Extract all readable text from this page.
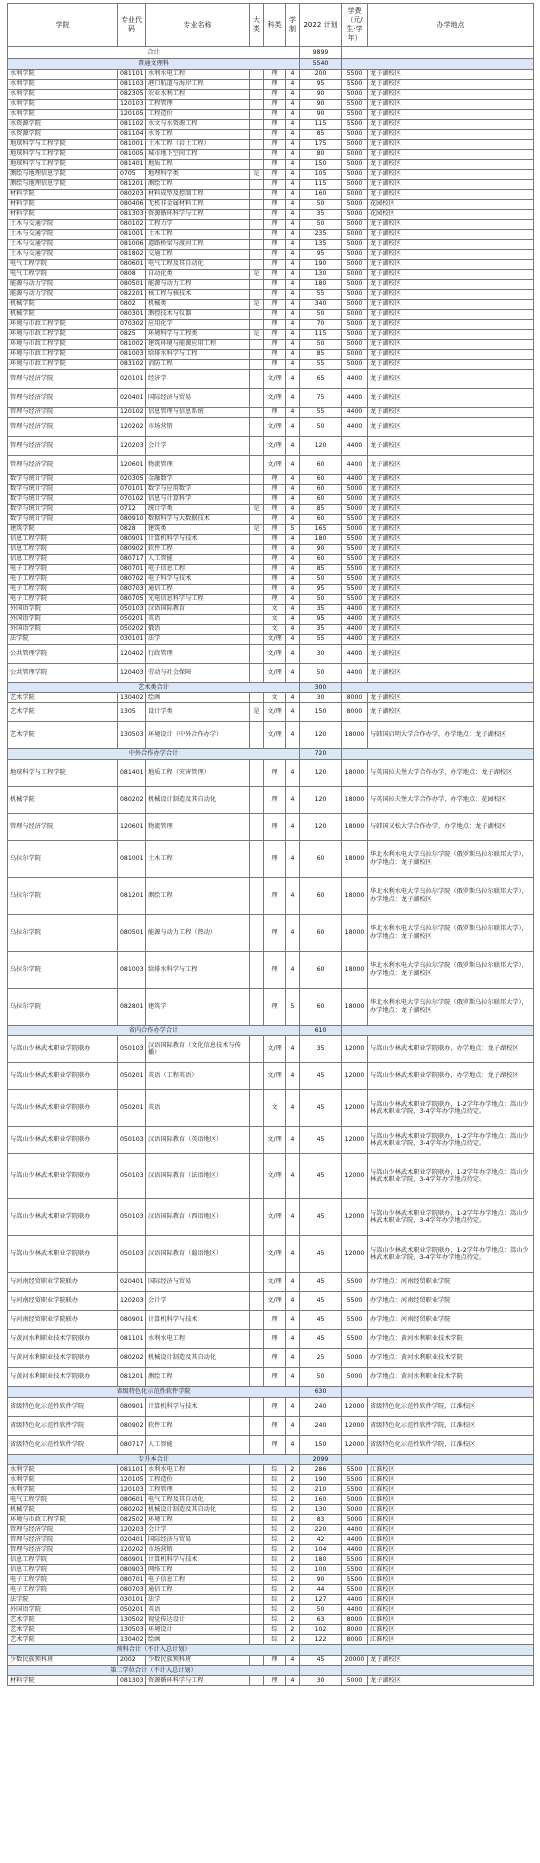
学院	专业代码	专业名称	大类	科类	学制	2022 计划	学费（元/生·学年）	办学地点
合计						9899		
普通文理科						5540		
水利学院	081101	水利水电工程		理	4	200	5500	龙子湖校区
水利学院	081103	港口航道与海岸工程		理	4	95	5500	龙子湖校区
水利学院	082305	农业水利工程		理	4	90	5000	龙子湖校区
水利学院	120103	工程管理		理	4	90	5500	龙子湖校区
水利学院	120105	工程造价		理	4	90	5500	龙子湖校区
水资源学院	081102	水文与水资源工程		理	4	115	5500	龙子湖校区
水资源学院	081104	水务工程		理	4	85	5000	龙子湖校区
地球科学与工程学院	081001	土木工程（岩土工程）		理	4	175	5000	龙子湖校区
地球科学与工程学院	081005	城市地下空间工程		理	4	80	5000	龙子湖校区
地球科学与工程学院	081401	地质工程		理	4	150	5000	龙子湖校区
测绘与地理信息学院	0705	地理科学类	是	理	4	105	5000	龙子湖校区
测绘与地理信息学院	081201	测绘工程		理	4	115	5000	龙子湖校区
材料学院	080203	材料成型及控制工程		理	4	160	5000	龙子湖校区
材料学院	080406	无机非金属材料工程		理	4	50	5000	花园校区
材料学院	081303	资源循环科学与工程		理	4	35	5000	花园校区
土木与交通学院	080102	工程力学		理	4	50	5000	龙子湖校区
土木与交通学院	081001	土木工程		理	4	235	5000	龙子湖校区
土木与交通学院	081006	道路桥梁与渡河工程		理	4	135	5000	龙子湖校区
土木与交通学院	081802	交通工程		理	4	95	5000	龙子湖校区
电气工程学院	080601	电气工程及其自动化		理	4	190	5000	龙子湖校区
电气工程学院	0808	自动化类	是	理	4	130	5000	龙子湖校区
能源与动力学院	080501	能源与动力工程		理	4	180	5000	龙子湖校区
能源与动力学院	082201	核工程与核技术		理	4	55	5000	龙子湖校区
机械学院	0802	机械类	是	理	4	340	5000	龙子湖校区
机械学院	080301	测控技术与仪器		理	4	50	5000	龙子湖校区
环境与市政工程学院	070302	应用化学		理	4	70	5000	龙子湖校区
环境与市政工程学院	0825	环境科学与工程类	是	理	4	115	5000	龙子湖校区
环境与市政工程学院	081002	建筑环境与能源应用工程		理	4	50	5000	龙子湖校区
环境与市政工程学院	081003	给排水科学与工程		理	4	85	5000	龙子湖校区
环境与市政工程学院	083102	消防工程		理	4	55	5000	龙子湖校区
管理与经济学院	020101	经济学		文/理	4	65	4400	龙子湖校区
管理与经济学院	020401	国际经济与贸易		文/理	4	75	4400	龙子湖校区
管理与经济学院	120102	信息管理与信息系统		理	4	55	4400	龙子湖校区
管理与经济学院	120202	市场营销		文/理	4	50	4400	龙子湖校区
管理与经济学院	120203	会计学		文/理	4	120	4400	龙子湖校区
管理与经济学院	120601	物流管理		文/理	4	60	4400	龙子湖校区
数学与统计学院	020305	金融数学		理	4	60	4400	龙子湖校区
数学与统计学院	070101	数学与应用数学		理	4	60	5000	龙子湖校区
数学与统计学院	070102	信息与计算科学		理	4	60	5000	龙子湖校区
数学与统计学院	0712	统计学类	是	理	4	85	5000	龙子湖校区
数学与统计学院	080910	数据科学与大数据技术		理	4	60	5500	龙子湖校区
建筑学院	0828	建筑类	是	理	5	165	5000	龙子湖校区
信息工程学院	080901	计算机科学与技术		理	4	180	5500	龙子湖校区
信息工程学院	080902	软件工程		理	4	90	5500	龙子湖校区
信息工程学院	080717	人工智能		理	4	60	5500	龙子湖校区
电子工程学院	080701	电子信息工程		理	4	85	5500	龙子湖校区
电子工程学院	080702	电子科学与技术		理	4	50	5500	龙子湖校区
电子工程学院	080703	通信工程		理	4	95	5500	龙子湖校区
电子工程学院	080705	光电信息科学与工程		理	4	50	5500	龙子湖校区
外国语学院	050103	汉语国际教育		文	4	35	4400	龙子湖校区
外国语学院	050201	英语		文	4	95	4400	龙子湖校区
外国语学院	050202	俄语		文	4	35	4400	龙子湖校区
法学院	030101	法学		文/理	4	55	4400	龙子湖校区
公共管理学院	120402	行政管理		文/理	4	30	4400	龙子湖校区
公共管理学院	120403	劳动与社会保障		文/理	4	50	4400	龙子湖校区
艺术类合计						300		
艺术学院	130402	绘画		文	4	30	8000	龙子湖校区
艺术学院	1305	设计学类	是	文/理	4	150	8000	龙子湖校区
艺术学院	130503	环境设计（中外合作办学）		文/理	4	120	18000	与韩国启明大学合作办学，办学地点：龙子湖校区
中外合作办学合计						720		
地球科学与工程学院	081401	地质工程（灾害管理）		理	4	120	18000	与英国拉夫堡大学合作办学，办学地点：龙子湖校区
机械学院	080202	机械设计制造及其自动化		理	4	120	18000	与英国拉夫堡大学合作办学，办学地点：花园校区
管理与经济学院	120601	物流管理		理	4	120	18000	与韩国又松大学合作办学，办学地点：龙子湖校区
乌拉尔学院	081001	土木工程		理	4	60	18000	华北水利水电大学乌拉尔学院（俄罗斯乌拉尔联邦大学），办学地点：龙子湖校区
乌拉尔学院	081201	测绘工程		理	4	60	18000	华北水利水电大学乌拉尔学院（俄罗斯乌拉尔联邦大学），办学地点：龙子湖校区
乌拉尔学院	080501	能源与动力工程（热动）		理	4	60	18000	华北水利水电大学乌拉尔学院（俄罗斯乌拉尔联邦大学），办学地点：龙子湖校区
乌拉尔学院	081003	给排水科学与工程		理	4	60	18000	华北水利水电大学乌拉尔学院（俄罗斯乌拉尔联邦大学），办学地点：龙子湖校区
乌拉尔学院	082801	建筑学		理	5	60	18000	华北水利水电大学乌拉尔学院（俄罗斯乌拉尔联邦大学），办学地点：龙子湖校区
省内合作办学合计						610		
与嵩山少林武术职业学院联办	050103	汉语国际教育（文化信息技术与传播）		文/理	4	35	12000	与嵩山少林武术职业学院联办，办学地点：龙子湖校区
与嵩山少林武术职业学院联办	050201	英语（工程英语）		文/理	4	45	12000	与嵩山少林武术职业学院联办，办学地点：龙子湖校区
与嵩山少林武术职业学院联办	050201	英语		文	4	45	12000	与嵩山少林武术职业学院联办，1-2学年办学地点：嵩山少林武术职业学院，3-4学年办学地点待定。
与嵩山少林武术职业学院联办	050103	汉语国际教育（英语地区）		文/理	4	45	12000	与嵩山少林武术职业学院联办，1-2学年办学地点：嵩山少林武术职业学院，3-4学年办学地点待定。
与嵩山少林武术职业学院联办	050103	汉语国际教育（法语地区）		文/理	4	45	12000	与嵩山少林武术职业学院联办，1-2学年办学地点：嵩山少林武术职业学院，3-4学年办学地点待定。
与嵩山少林武术职业学院联办	050103	汉语国际教育（西语地区）		文/理	4	45	12000	与嵩山少林武术职业学院联办，1-2学年办学地点：嵩山少林武术职业学院，3-4学年办学地点待定。
与嵩山少林武术职业学院联办	050103	汉语国际教育（葡语地区）		文/理	4	45	12000	与嵩山少林武术职业学院联办，1-2学年办学地点：嵩山少林武术职业学院，3-4学年办学地点待定。
与河南经贸职业学院联办	020401	国际经济与贸易		文/理	4	45	5500	办学地点：河南经贸职业学院
与河南经贸职业学院联办	120203	会计学		文/理	4	45	5500	办学地点：河南经贸职业学院
与河南经贸职业学院联办	080901	计算机科学与技术		理	4	45	5500	办学地点：河南经贸职业学院
与黄河水利职业技术学院联办	081101	水利水电工程		理	4	45	5500	办学地点：黄河水利职业技术学院
与黄河水利职业技术学院联办	080202	机械设计制造及其自动化		理	4	25	5000	办学地点：黄河水利职业技术学院
与黄河水利职业技术学院联办	081201	测绘工程		理	4	50	5000	办学地点：黄河水利职业技术学院
省级特色化示范性软件学院						630		
省级特色化示范性软件学院	080901	计算机科学与技术		理	4	240	12000	省级特色化示范性软件学院，江淮校区
省级特色化示范性软件学院	080902	软件工程		理	4	240	12000	省级特色化示范性软件学院，江淮校区
省级特色化示范性软件学院	080717	人工智能		理	4	150	12000	省级特色化示范性软件学院，江淮校区
专升本合计						2099		
水利学院	081101	水利水电工程		综	2	286	5500	江淮校区
水利学院	120105	工程造价		综	2	190	5500	江淮校区
水利学院	120103	工程管理		综	2	210	5500	江淮校区
电气工程学院	080601	电气工程及其自动化		综	2	160	5000	江淮校区
机械学院	080202	机械设计制造及其自动化		综	2	130	5000	江淮校区
环境与市政工程学院	082502	环境工程		综	2	83	5000	江淮校区
管理与经济学院	120203	会计学		综	2	220	4400	江淮校区
管理与经济学院	020401	国际经济与贸易		综	2	42	4400	江淮校区
管理与经济学院	120202	市场营销		综	2	104	4400	江淮校区
信息工程学院	080901	计算机科学与技术		综	2	180	5500	江淮校区
信息工程学院	080903	网络工程		综	2	100	5500	江淮校区
电子工程学院	080701	电子信息工程		综	2	90	5500	江淮校区
电子工程学院	080703	通信工程		综	2	44	5500	江淮校区
法学院	030101	法学		综	2	127	4400	江淮校区
外国语学院	050201	英语		综	2	50	4400	江淮校区
艺术学院	130502	视觉传达设计		综	2	63	8000	江淮校区
艺术学院	130503	环境设计		综	2	102	8000	江淮校区
艺术学院	130402	绘画		综	2	122	8000	江淮校区
预科合计（不计入总计划）								
少数民族预科班	2002	少数民族预科班		理	4	45	20000	龙子湖校区
第二学位合计（不计入总计划）								
材料学院	081303	资源循环科学与工程		理	4	30	5000	龙子湖校区
